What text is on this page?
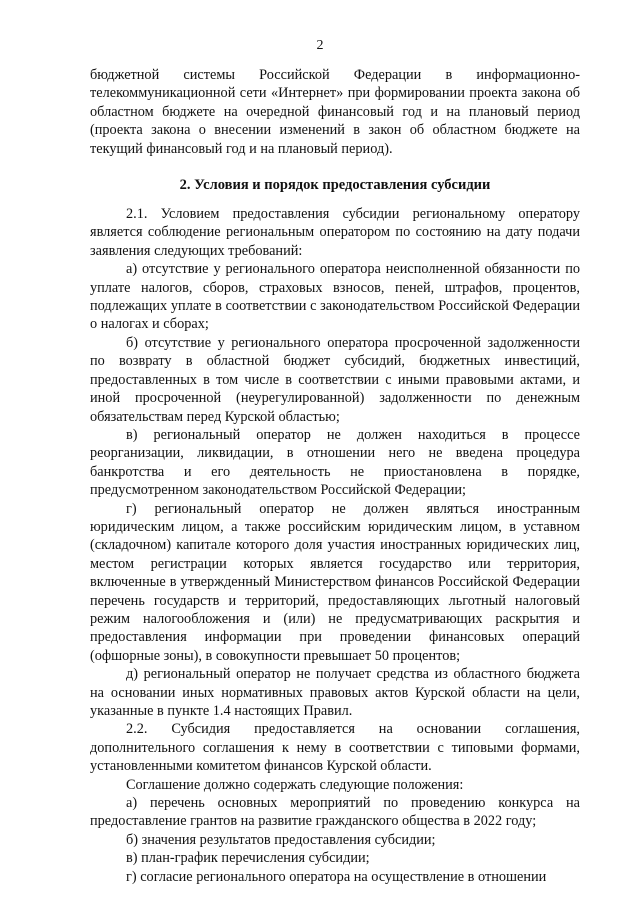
2

бюджетной системы Российской Федерации в информационно-телекоммуникационной сети «Интернет» при формировании проекта закона об областном бюджете на очередной финансовый год и на плановый период (проекта закона о внесении изменений в закон об областном бюджете на текущий финансовый год и на плановый период).

2. Условия и порядок предоставления субсидии

2.1. Условием предоставления субсидии региональному оператору является соблюдение региональным оператором по состоянию на дату подачи заявления следующих требований:

а) отсутствие у регионального оператора неисполненной обязанности по уплате налогов, сборов, страховых взносов, пеней, штрафов, процентов, подлежащих уплате в соответствии с законодательством Российской Федерации о налогах и сборах;

б) отсутствие у регионального оператора просроченной задолженности по возврату в областной бюджет субсидий, бюджетных инвестиций, предоставленных в том числе в соответствии с иными правовыми актами, и иной просроченной (неурегулированной) задолженности по денежным обязательствам перед Курской областью;

в) региональный оператор не должен находиться в процессе реорганизации, ликвидации, в отношении него не введена процедура банкротства и его деятельность не приостановлена в порядке, предусмотренном законодательством Российской Федерации;

г) региональный оператор не должен являться иностранным юридическим лицом, а также российским юридическим лицом, в уставном (складочном) капитале которого доля участия иностранных юридических лиц, местом регистрации которых является государство или территория, включенные в утвержденный Министерством финансов Российской Федерации перечень государств и территорий, предоставляющих льготный налоговый режим налогообложения и (или) не предусматривающих раскрытия и предоставления информации при проведении финансовых операций (офшорные зоны), в совокупности превышает 50 процентов;

д) региональный оператор не получает средства из областного бюджета на основании иных нормативных правовых актов Курской области на цели, указанные в пункте 1.4 настоящих Правил.

2.2. Субсидия предоставляется на основании соглашения, дополнительного соглашения к нему в соответствии с типовыми формами, установленными комитетом финансов Курской области.

Соглашение должно содержать следующие положения:

а) перечень основных мероприятий по проведению конкурса на предоставление грантов на развитие гражданского общества в 2022 году;

б) значения результатов предоставления субсидии;

в) план-график перечисления субсидии;

г) согласие регионального оператора на осуществление в отношении
